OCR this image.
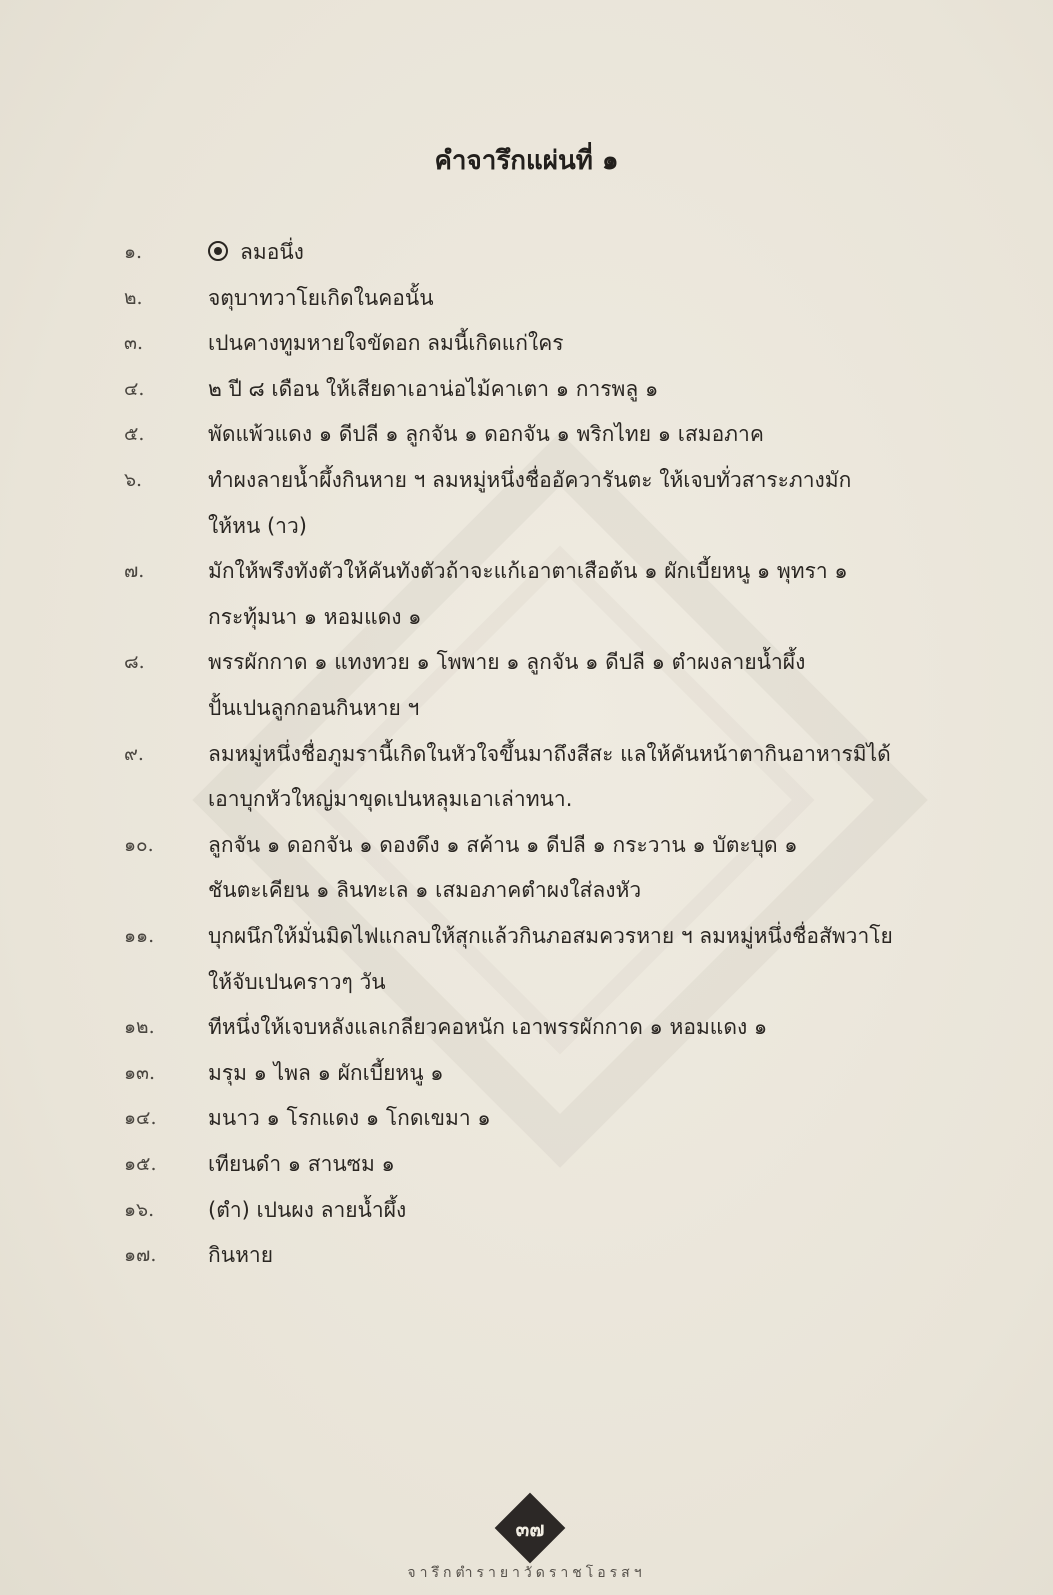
คำจารึกแผ่นที่ ๑
๑.	ลมอนึ่ง
๒.	จตุบาทวาโยเกิดในคอนั้น
๓.	เปนคางทูมหายใจขัดอก ลมนี้เกิดแก่ใคร
๔.	๒ ปี ๘ เดือน ให้เสียดาเอาน่อไม้คาเตา ๑ การพลู ๑
๕.	พัดแพ้วแดง ๑ ดีปลี ๑ ลูกจัน ๑ ดอกจัน ๑ พริกไทย ๑ เสมอภาค
๖.	ทำผงลายน้ำผึ้งกินหาย ฯ ลมหมู่หนึ่งชื่ออัควารันตะ ให้เจบทั่วสาระภางมัก
ให้หน (าว)
๗.	มักให้พรึงทังตัวให้คันทังตัวถ้าจะแก้เอาตาเสือต้น ๑ ผักเบี้ยหนู ๑ พุทรา ๑
กระทุ้มนา ๑ หอมแดง ๑
๘.	พรรผักกาด ๑ แทงทวย ๑ โพพาย ๑ ลูกจัน ๑ ดีปลี ๑ ตำผงลายน้ำผึ้ง
ปั้นเปนลูกกอนกินหาย ฯ
๙.	ลมหมู่หนึ่งชื่อภูมรานี้เกิดในหัวใจขึ้นมาถึงสีสะ แลให้คันหน้าตากินอาหารมิได้
เอาบุกหัวใหญ่มาขุดเปนหลุมเอาเล่าทนา.
๑๐.	ลูกจัน ๑ ดอกจัน ๑ ดองดึง ๑ สค้าน ๑ ดีปลี ๑ กระวาน ๑ บัตะบุด ๑
ชันตะเคียน ๑ ลินทะเล ๑ เสมอภาคตำผงใส่ลงหัว
๑๑.	บุกผนึกให้มั่นมิดไฟแกลบให้สุกแล้วกินภอสมควรหาย ฯ ลมหมู่หนึ่งชื่อสัพวาโย
ให้จับเปนคราวๆ วัน
๑๒.	ทีหนึ่งให้เจบหลังแลเกลียวคอหนัก เอาพรรผักกาด ๑ หอมแดง ๑
๑๓.	มรุม ๑ ไพล ๑ ผักเบี้ยหนู ๑
๑๔.	มนาว ๑ โรกแดง ๑ โกดเขมา ๑
๑๕.	เทียนดำ ๑ สานซม ๑
๑๖.	(ตำ) เปนผง ลายน้ำผึ้ง
๑๗.	กินหาย
๓๗
จารึกตำรายาวัดราชโอรสฯ
